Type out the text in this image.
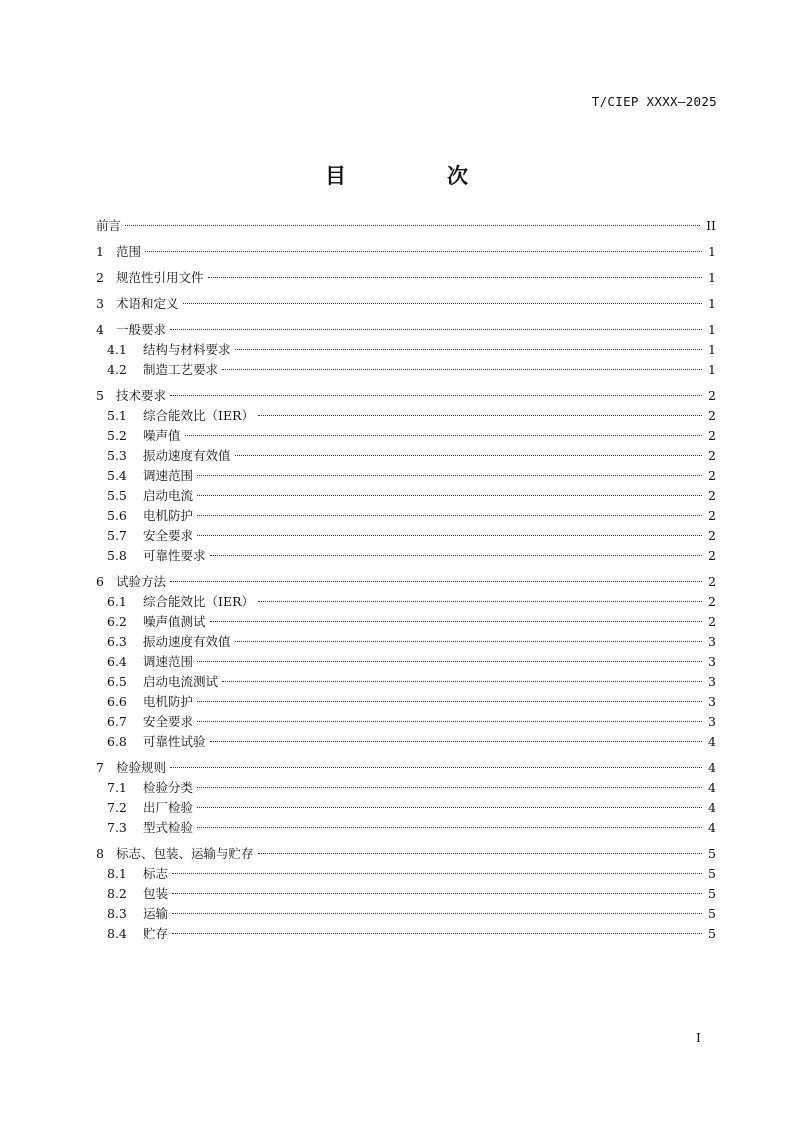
T/CIEP XXXX—2025
目　次
前言	II
1 范围	1
2 规范性引用文件	1
3 术语和定义	1
4 一般要求	1
4.1	结构与材料要求	1
4.2	制造工艺要求	1
5 技术要求	2
5.1	综合能效比（IER）	2
5.2	噪声值	2
5.3	振动速度有效值	2
5.4	调速范围	2
5.5	启动电流	2
5.6	电机防护	2
5.7	安全要求	2
5.8	可靠性要求	2
6 试验方法	2
6.1	综合能效比（IER）	2
6.2	噪声值测试	2
6.3	振动速度有效值	3
6.4	调速范围	3
6.5	启动电流测试	3
6.6	电机防护	3
6.7	安全要求	3
6.8	可靠性试验	4
7 检验规则	4
7.1	检验分类	4
7.2	出厂检验	4
7.3	型式检验	4
8 标志、包装、运输与贮存	5
8.1	标志	5
8.2	包装	5
8.3	运输	5
8.4	贮存	5
I
